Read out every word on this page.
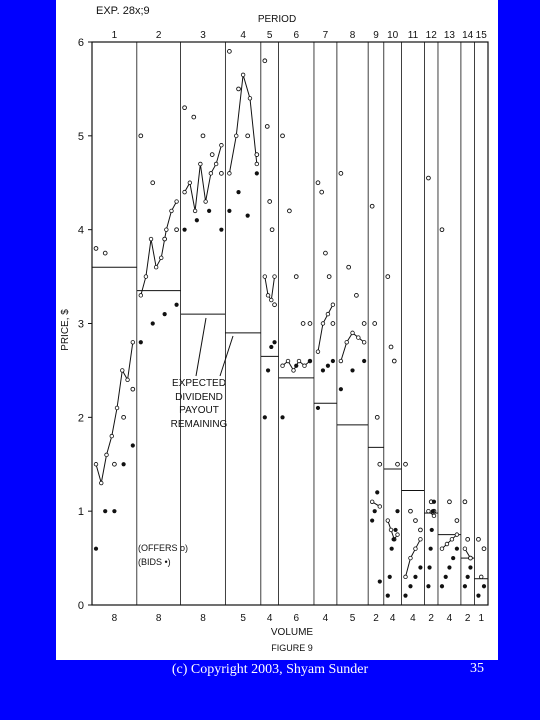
0
1
2
3
4
5
6
1
8
2
8
3
8
4
5
5
4
6
6
7
4
8
5
9
2
10
4
11
4
12
2
13
4
14
2
15
1
EXP. 28x;9
PERIOD
PRICE, $
VOLUME
FIGURE 9
EXPECTED
DIVIDEND
PAYOUT
REMAINING
(OFFERS o)
(BIDS •)
(c) Copyright 2003, Shyam Sunder	35
